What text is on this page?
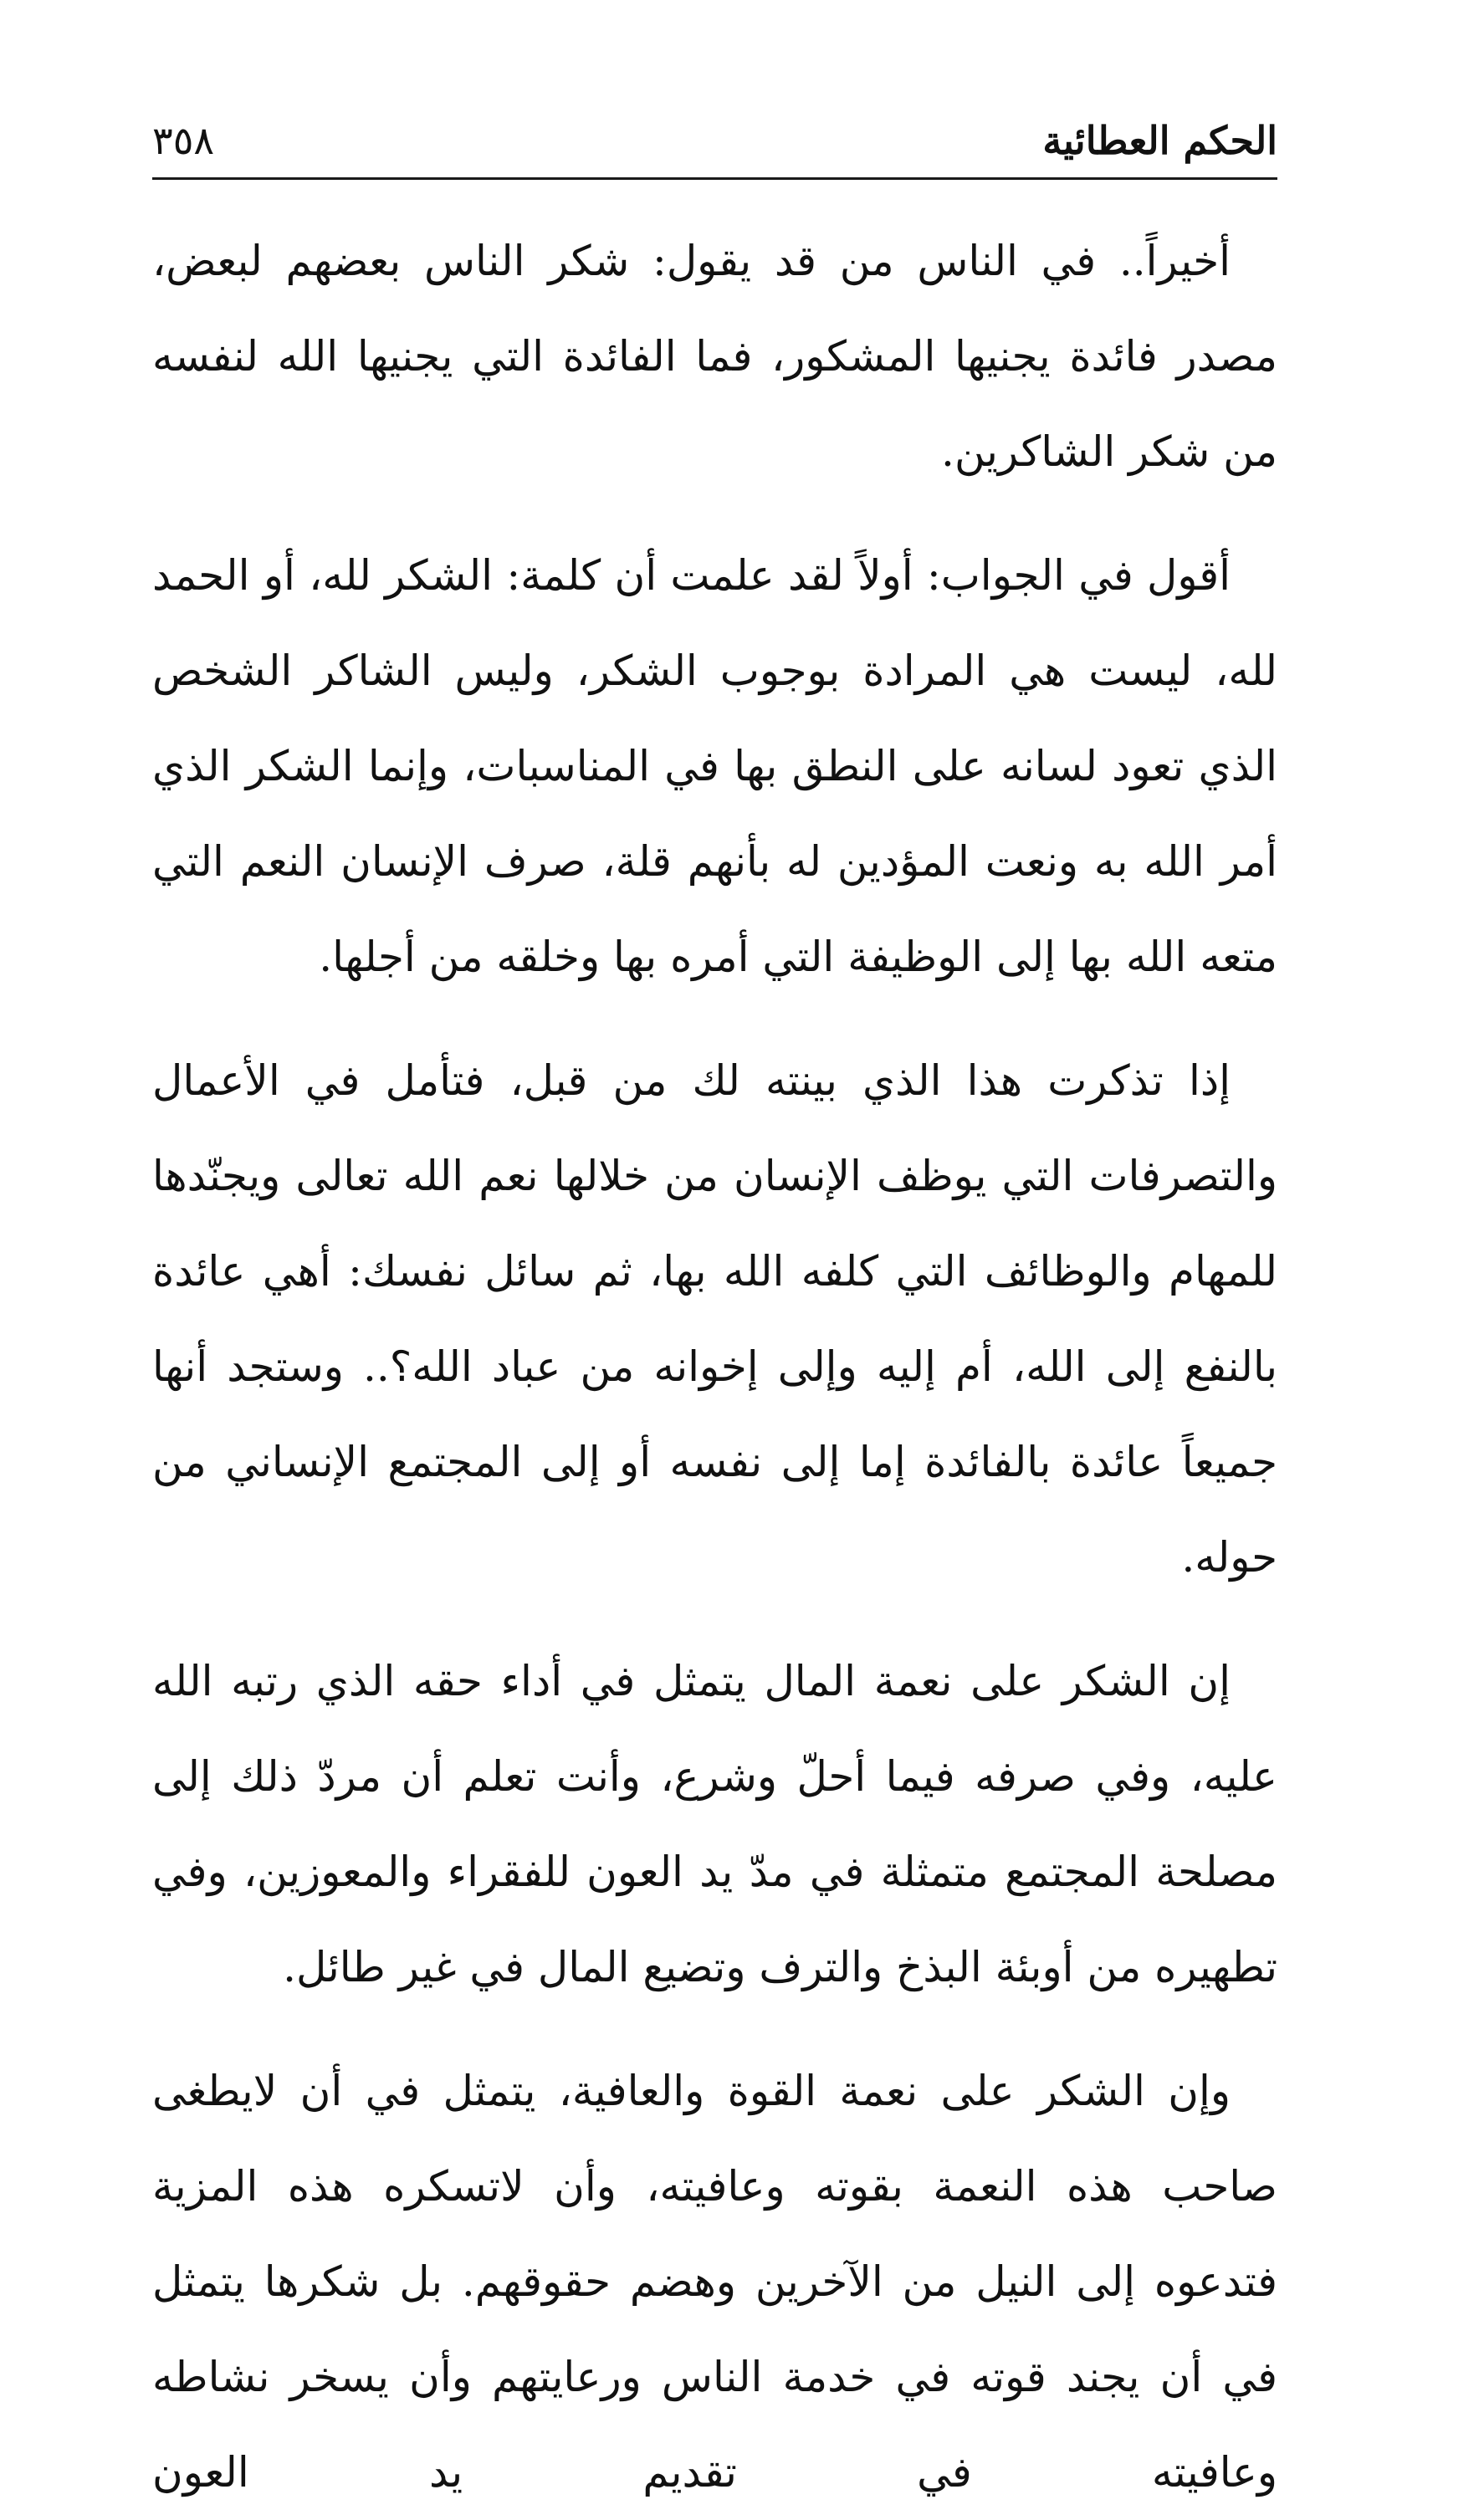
الحكم العطائية
٣٥٨

أخيراً.. في الناس من قد يقول: شكر الناس بعضهم لبعض، مصدر فائدة يجنيها المشكور، فما الفائدة التي يجنيها الله لنفسه من شكر الشاكرين.

أقول في الجواب: أولاً لقد علمت أن كلمة: الشكر لله، أو الحمد لله، ليست هي المرادة بوجوب الشكر، وليس الشاكر الشخص الذي تعود لسانه على النطق بها في المناسبات، وإنما الشكر الذي أمر الله به ونعت المؤدين له بأنهم قلة، صرف الإنسان النعم التي متعه الله بها إلى الوظيفة التي أمره بها وخلقه من أجلها.

إذا تذكرت هذا الذي بينته لك من قبل، فتأمل في الأعمال والتصرفات التي يوظف الإنسان من خلالها نعم الله تعالى ويجنّدها للمهام والوظائف التي كلفه الله بها، ثم سائل نفسك: أهي عائدة بالنفع إلى الله، أم إليه وإلى إخوانه من عباد الله؟.. وستجد أنها جميعاً عائدة بالفائدة إما إلى نفسه أو إلى المجتمع الإنساني من حوله.

إن الشكر على نعمة المال يتمثل في أداء حقه الذي رتبه الله عليه، وفي صرفه فيما أحلّ وشرع، وأنت تعلم أن مردّ ذلك إلى مصلحة المجتمع متمثلة في مدّ يد العون للفقراء والمعوزين، وفي تطهيره من أوبئة البذخ والترف وتضيع المال في غير طائل.

وإن الشكر على نعمة القوة والعافية، يتمثل في أن لايطغى صاحب هذه النعمة بقوته وعافيته، وأن لاتسكره هذه المزية فتدعوه إلى النيل من الآخرين وهضم حقوقهم. بل شكرها يتمثل في أن يجند قوته في خدمة الناس ورعايتهم وأن يسخر نشاطه وعافيته في تقديم يد العون
